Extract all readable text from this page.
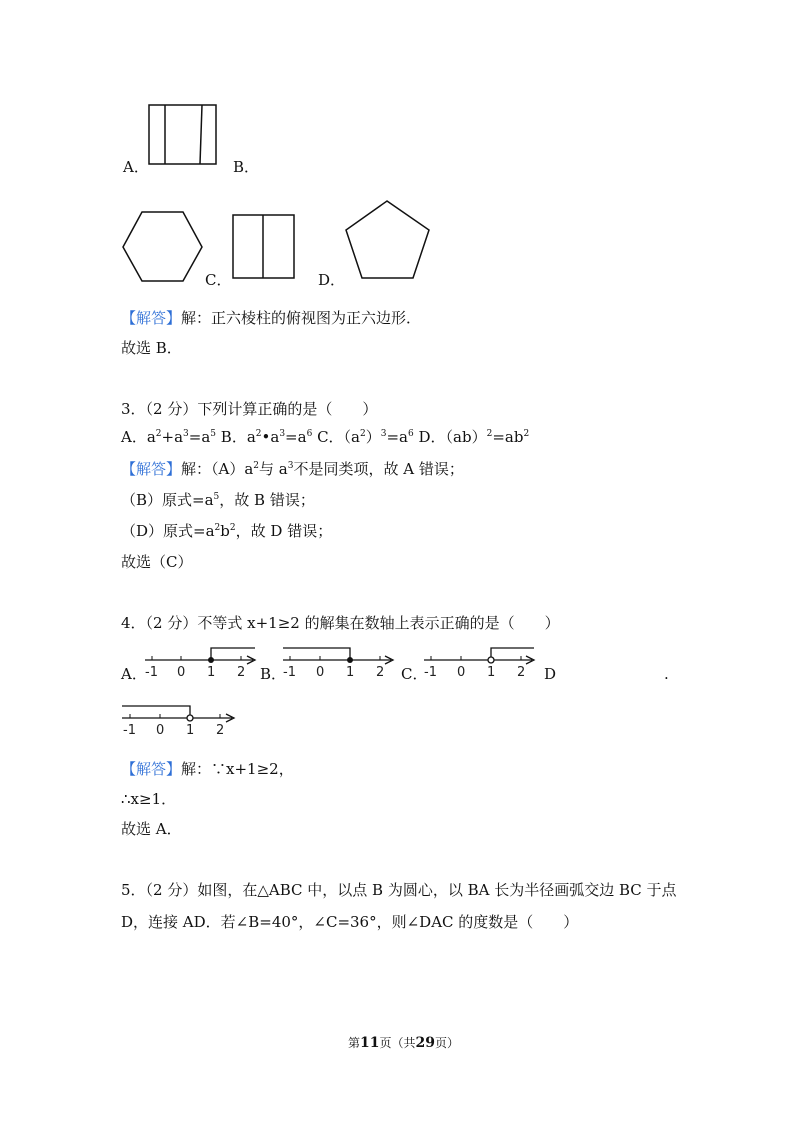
A．	B．
C．	D．
【解答】解：正六棱柱的俯视图为正六边形．
故选 B．
3．（2 分）下列计算正确的是（　　）
A．$a^2+a^3=a^5$ B．$a^2•a^3=a^6$ C．$(a^2)^3=a^6$ D．$(ab)^2=ab^2$
【解答】解：$(A)a^2$与 $a^3$不是同类项，故 A 错误；
（B）原式$=a^5$，故 B 错误；
（D）原式$=a^2b^2$，故 D 错误；
故选（C）
4．（2 分）不等式 x+1≥2 的解集在数轴上表示正确的是（　　）
A．
-1 0 1 2 B．
-1 0 1 2 C．
-1 0 1 2 D	.
-1 0 1 2
【解答】解：∵x+1≥2，
∴x≥1．
故选 A．
5．（2 分）如图，在△ABC 中，以点 B 为圆心，以 BA 长为半径画弧交边 BC 于点
D，连接 AD．若∠B=40°，∠C=36°，则∠DAC 的度数是（　　）
第11页（共29页）
